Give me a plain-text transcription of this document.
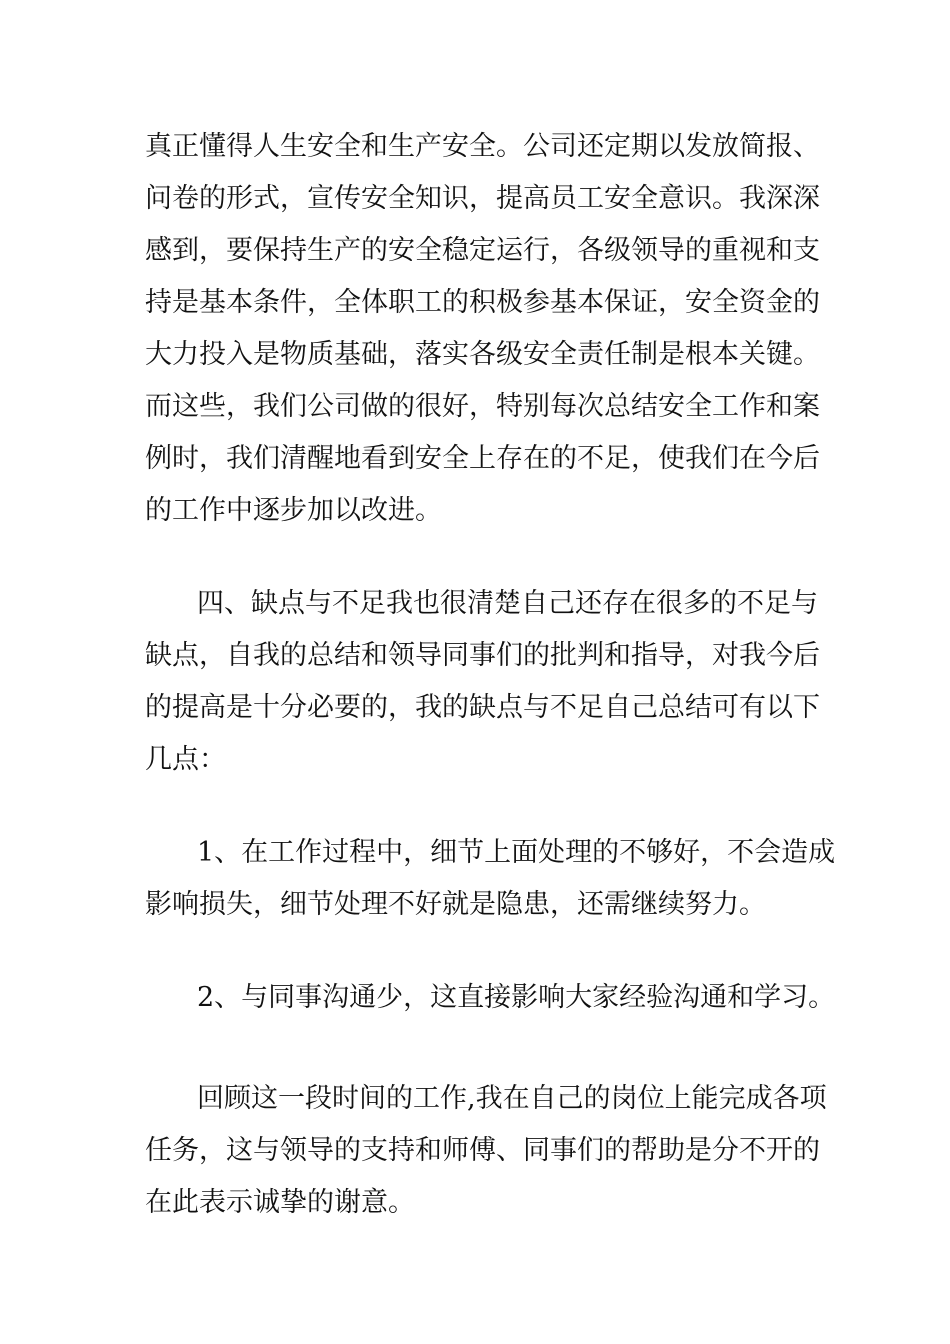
真正懂得人生安全和生产安全。公司还定期以发放简报、
问卷的形式，宣传安全知识，提高员工安全意识。我深深
感到，要保持生产的安全稳定运行，各级领导的重视和支
持是基本条件，全体职工的积极参基本保证，安全资金的
大力投入是物质基础，落实各级安全责任制是根本关键。
而这些，我们公司做的很好，特别每次总结安全工作和案
例时，我们清醒地看到安全上存在的不足，使我们在今后
的工作中逐步加以改进。
四、缺点与不足我也很清楚自己还存在很多的不足与
缺点，自我的总结和领导同事们的批判和指导，对我今后
的提高是十分必要的，我的缺点与不足自己总结可有以下
几点：
1、在工作过程中，细节上面处理的不够好，不会造成
影响损失，细节处理不好就是隐患，还需继续努力。
2、与同事沟通少，这直接影响大家经验沟通和学习。
回顾这一段时间的工作,我在自己的岗位上能完成各项
任务，这与领导的支持和师傅、同事们的帮助是分不开的
在此表示诚挚的谢意。
